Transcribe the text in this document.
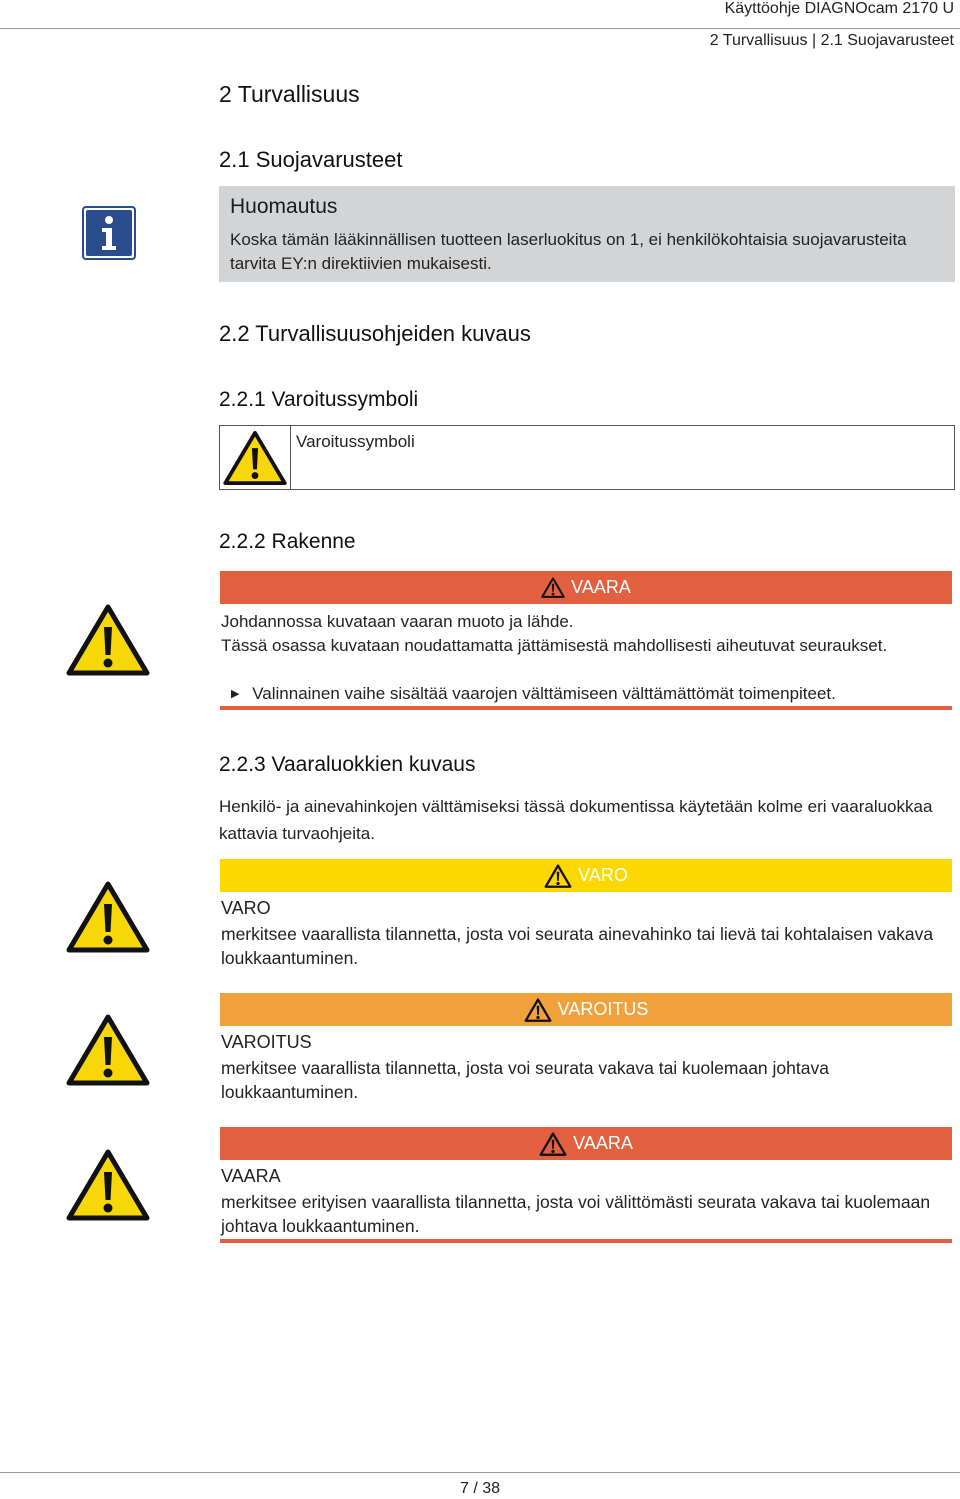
Käyttöohje DIAGNOcam 2170 U
2 Turvallisuus | 2.1 Suojavarusteet
2 Turvallisuus
2.1 Suojavarusteet
Huomautus
Koska tämän lääkinnällisen tuotteen laserluokitus on 1, ei henkilökohtaisia suojavarusteita tarvita EY:n direktiivien mukaisesti.
2.2 Turvallisuusohjeiden kuvaus
2.2.1 Varoitussymboli
Varoitussymboli
2.2.2 Rakenne
VAARA
Johdannossa kuvataan vaaran muoto ja lähde.
Tässä osassa kuvataan noudattamatta jättämisestä mahdollisesti aiheutuvat seuraukset.
▶ Valinnainen vaihe sisältää vaarojen välttämiseen välttämättömät toimenpiteet.
2.2.3 Vaaraluokkien kuvaus
Henkilö- ja ainevahinkojen välttämiseksi tässä dokumentissa käytetään kolme eri vaaraluokkaa kattavia turvaohjeita.
VARO
VARO
merkitsee vaarallista tilannetta, josta voi seurata ainevahinko tai lievä tai kohtalaisen vakava loukkaantuminen.
VAROITUS
VAROITUS
merkitsee vaarallista tilannetta, josta voi seurata vakava tai kuolemaan johtava loukkaantuminen.
VAARA
VAARA
merkitsee erityisen vaarallista tilannetta, josta voi välittömästi seurata vakava tai kuolemaan johtava loukkaantuminen.
7 / 38
